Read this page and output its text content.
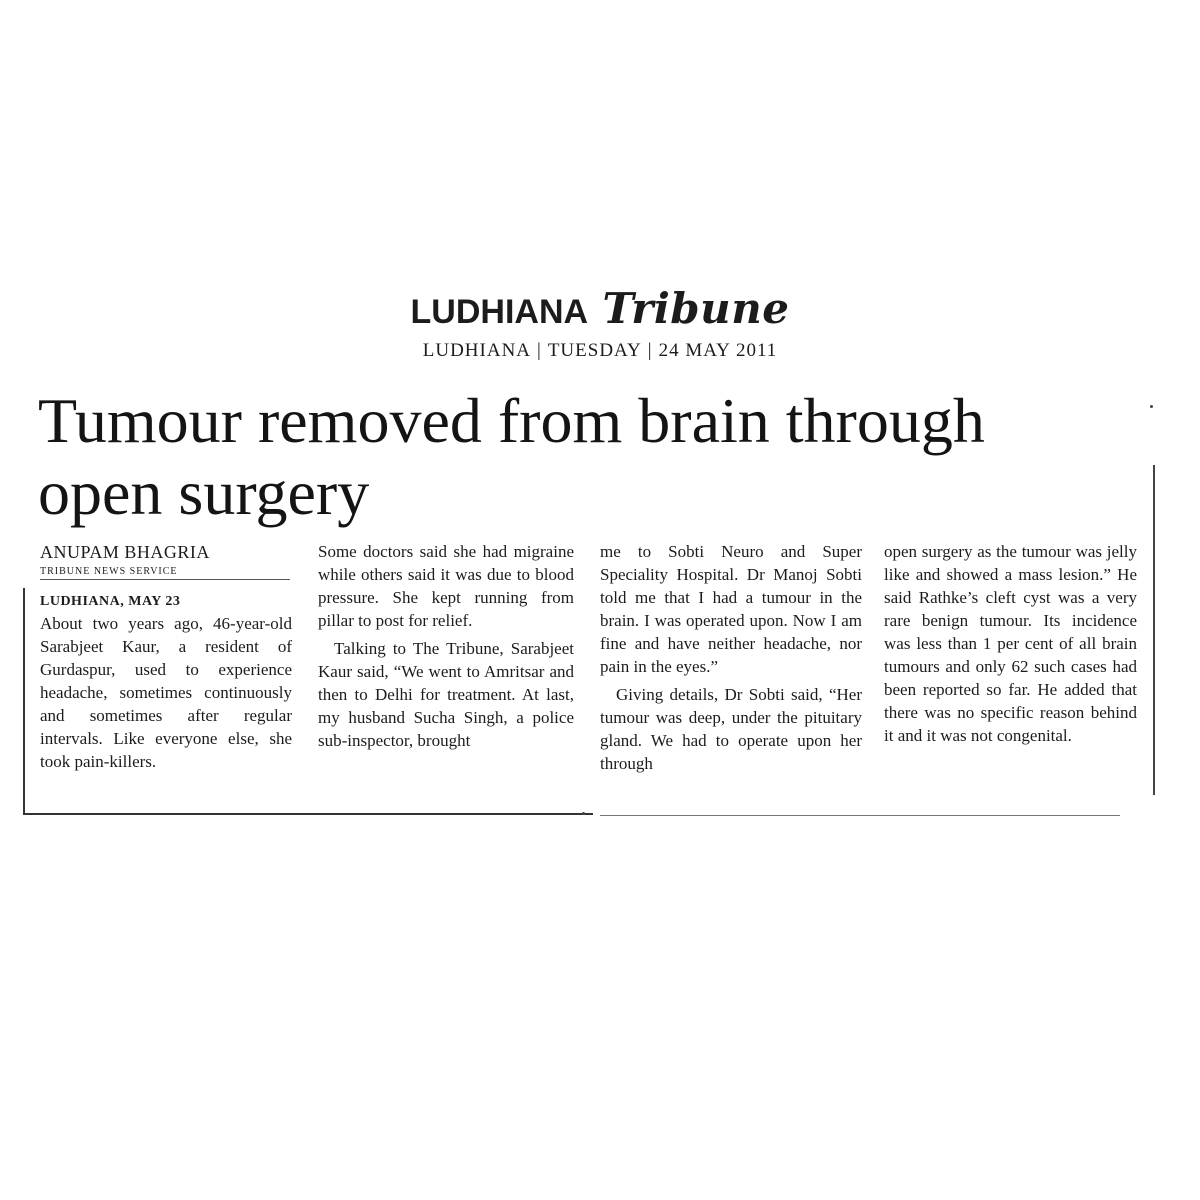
LUDHIANA Tribune
LUDHIANA | TUESDAY | 24 MAY 2011
Tumour removed from brain through open surgery
ANUPAM BHAGRIA
TRIBUNE NEWS SERVICE
LUDHIANA, MAY 23

About two years ago, 46-year-old Sarabjeet Kaur, a resident of Gurdaspur, used to experience headache, sometimes continuously and sometimes after regular intervals. Like everyone else, she took pain-killers.

Some doctors said she had migraine while others said it was due to blood pressure. She kept running from pillar to post for relief.

Talking to The Tribune, Sarabjeet Kaur said, “We went to Amritsar and then to Delhi for treatment. At last, my husband Sucha Singh, a police sub-inspector, brought

me to Sobti Neuro and Super Speciality Hospital. Dr Manoj Sobti told me that I had a tumour in the brain. I was operated upon. Now I am fine and have neither headache, nor pain in the eyes.”

Giving details, Dr Sobti said, “Her tumour was deep, under the pituitary gland. We had to operate upon her through

open surgery as the tumour was jelly like and showed a mass lesion.” He said Rathke’s cleft cyst was a very rare benign tumour. Its incidence was less than 1 per cent of all brain tumours and only 62 such cases had been reported so far. He added that there was no specific reason behind it and it was not congenital.
